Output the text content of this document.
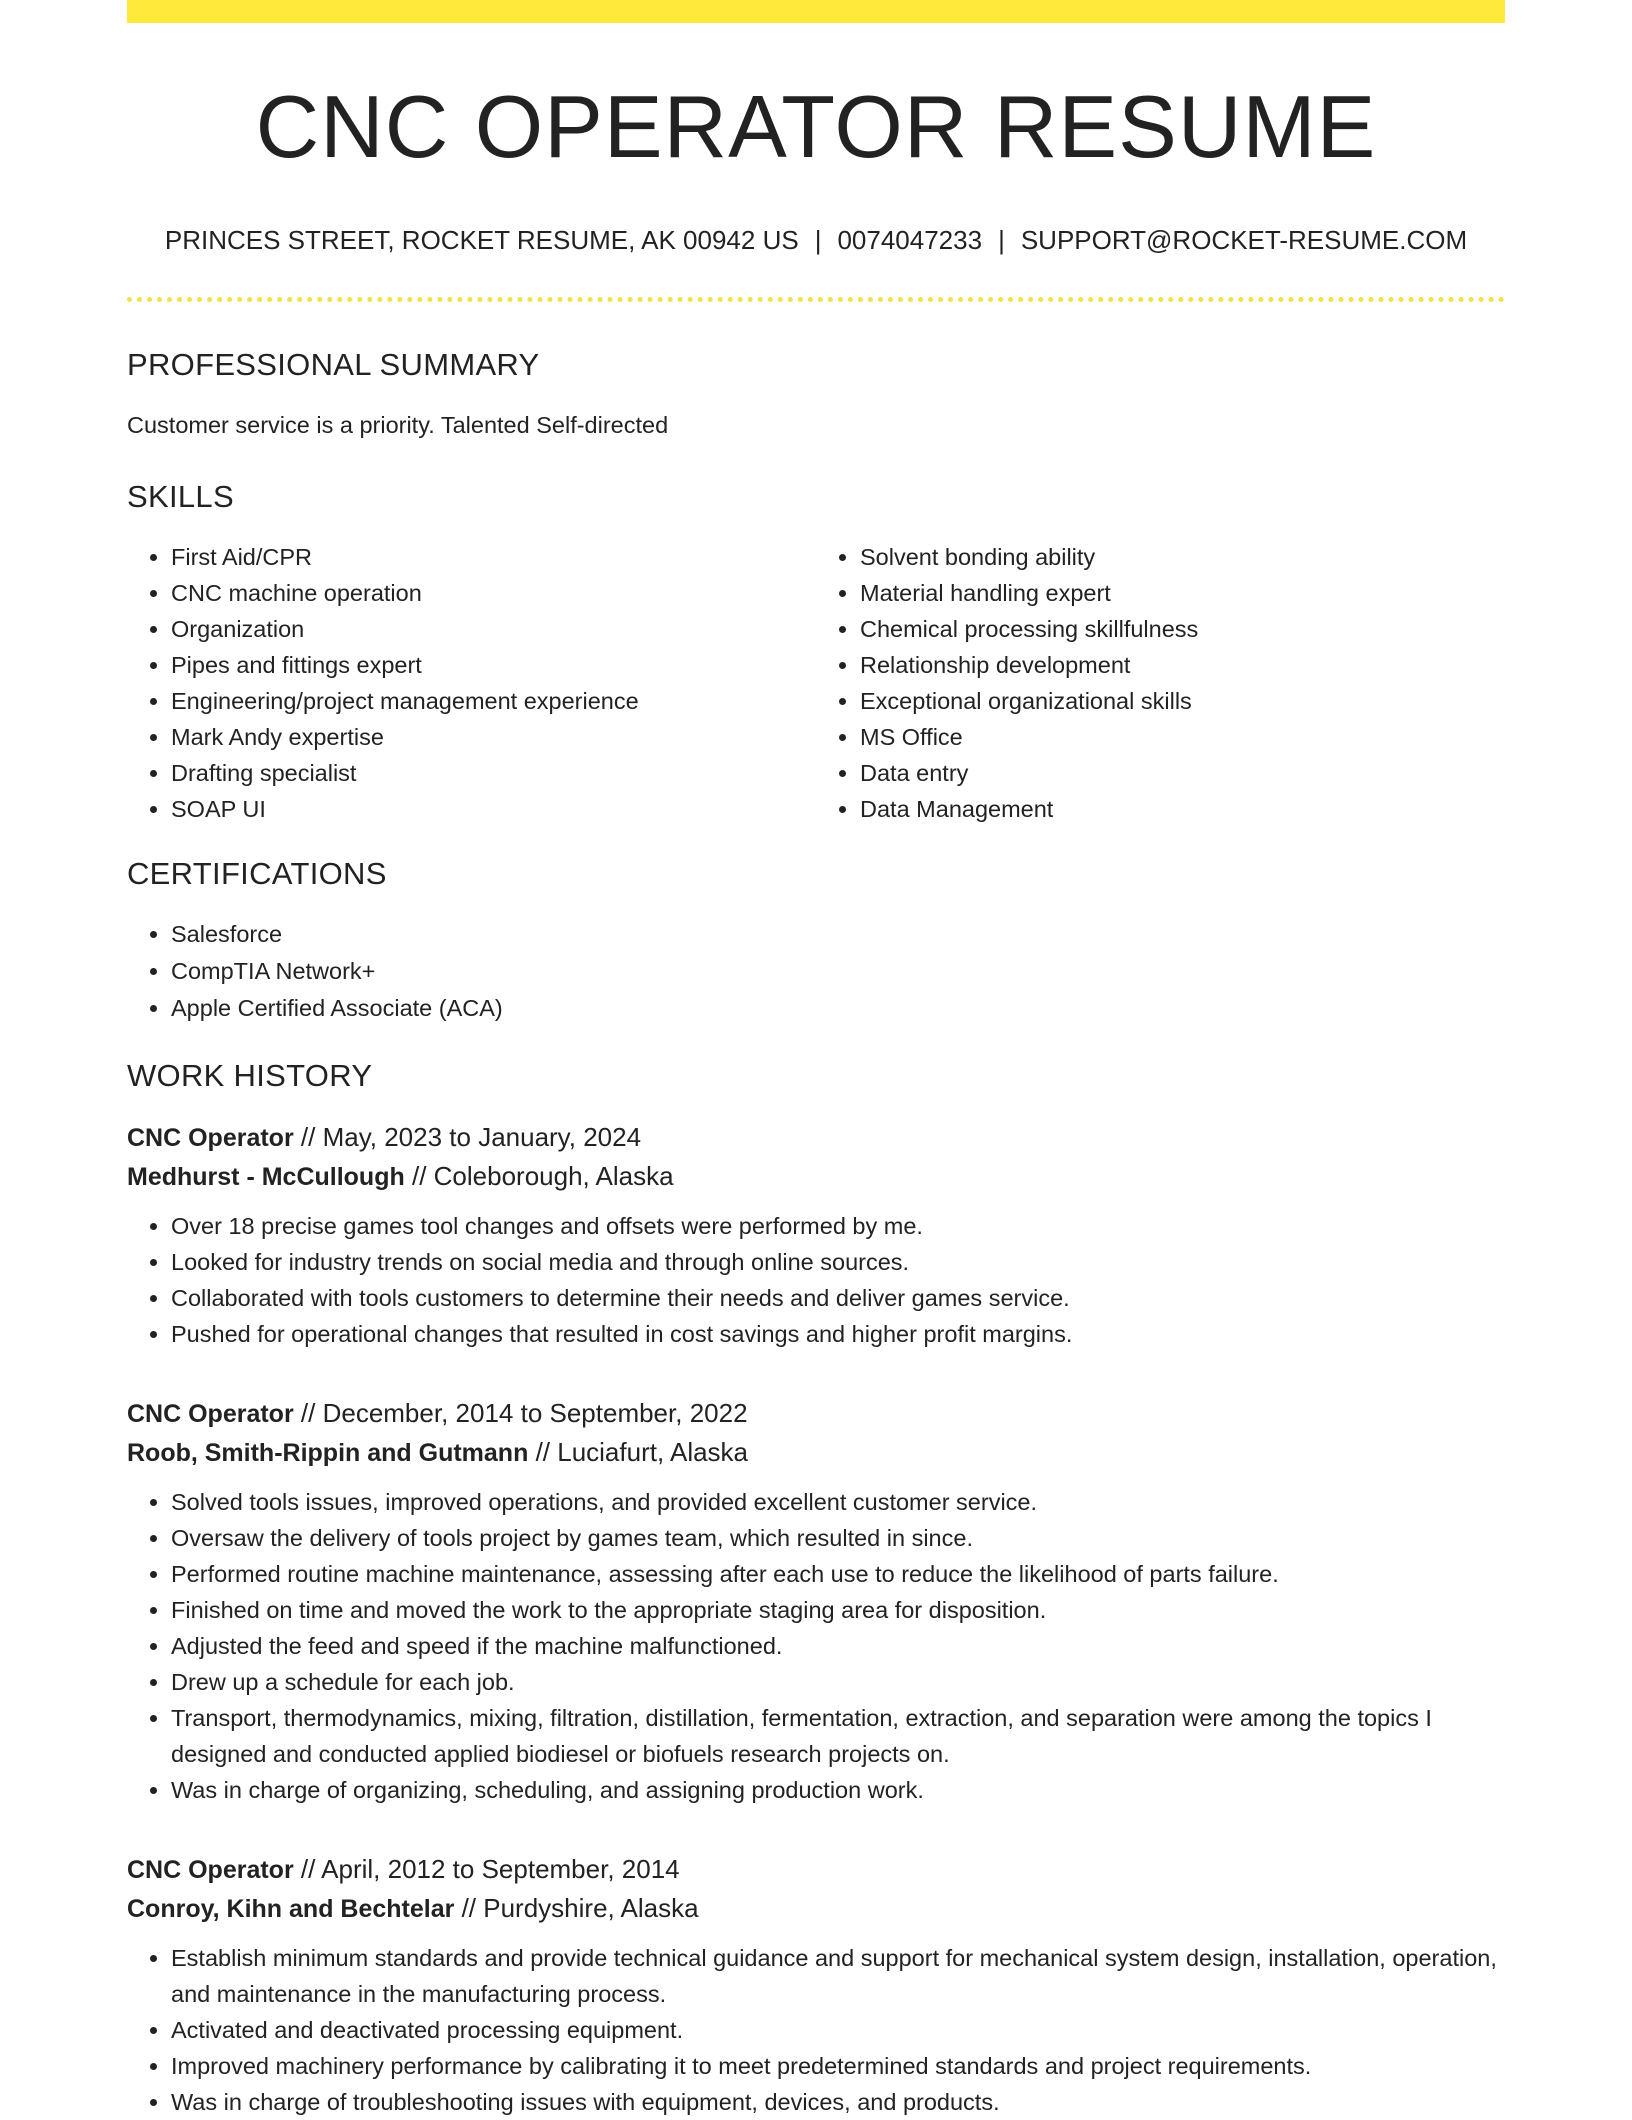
CNC OPERATOR RESUME
PRINCES STREET, ROCKET RESUME, AK 00942 US | 0074047233 | SUPPORT@ROCKET-RESUME.COM
PROFESSIONAL SUMMARY
Customer service is a priority. Talented Self-directed
SKILLS
• First Aid/CPR
• CNC machine operation
• Organization
• Pipes and fittings expert
• Engineering/project management experience
• Mark Andy expertise
• Drafting specialist
• SOAP UI
• Solvent bonding ability
• Material handling expert
• Chemical processing skillfulness
• Relationship development
• Exceptional organizational skills
• MS Office
• Data entry
• Data Management
CERTIFICATIONS
• Salesforce
• CompTIA Network+
• Apple Certified Associate (ACA)
WORK HISTORY
CNC Operator // May, 2023 to January, 2024
Medhurst - McCullough // Coleborough, Alaska
• Over 18 precise games tool changes and offsets were performed by me.
• Looked for industry trends on social media and through online sources.
• Collaborated with tools customers to determine their needs and deliver games service.
• Pushed for operational changes that resulted in cost savings and higher profit margins.
CNC Operator // December, 2014 to September, 2022
Roob, Smith-Rippin and Gutmann // Luciafurt, Alaska
• Solved tools issues, improved operations, and provided excellent customer service.
• Oversaw the delivery of tools project by games team, which resulted in since.
• Performed routine machine maintenance, assessing after each use to reduce the likelihood of parts failure.
• Finished on time and moved the work to the appropriate staging area for disposition.
• Adjusted the feed and speed if the machine malfunctioned.
• Drew up a schedule for each job.
• Transport, thermodynamics, mixing, filtration, distillation, fermentation, extraction, and separation were among the topics I designed and conducted applied biodiesel or biofuels research projects on.
• Was in charge of organizing, scheduling, and assigning production work.
CNC Operator // April, 2012 to September, 2014
Conroy, Kihn and Bechtelar // Purdyshire, Alaska
• Establish minimum standards and provide technical guidance and support for mechanical system design, installation, operation, and maintenance in the manufacturing process.
• Activated and deactivated processing equipment.
• Improved machinery performance by calibrating it to meet predetermined standards and project requirements.
• Was in charge of troubleshooting issues with equipment, devices, and products.
